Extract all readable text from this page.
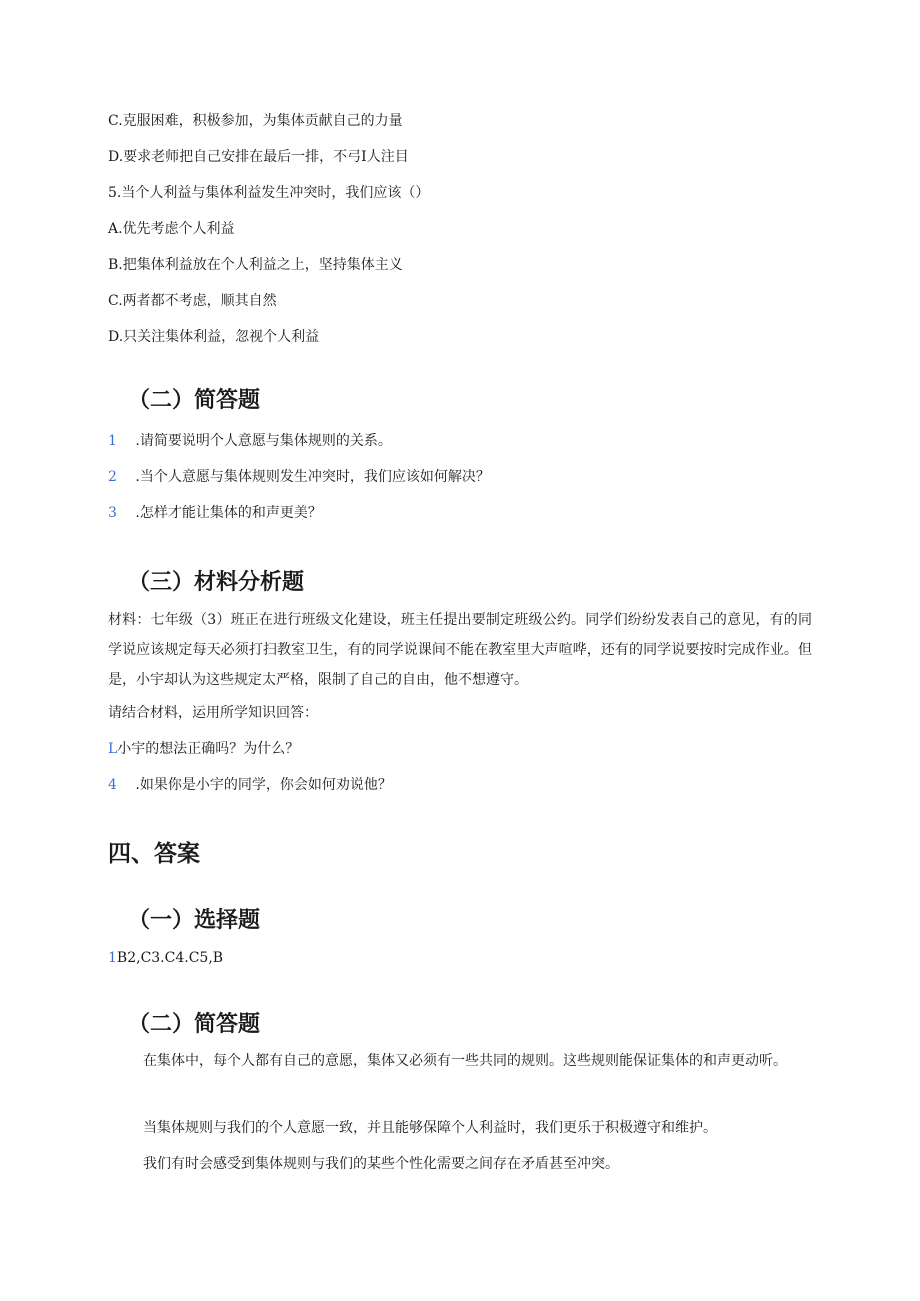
C.克服困难，积极参加，为集体贡献自己的力量
D.要求老师把自己安排在最后一排，不弓I人注目
5.当个人利益与集体利益发生冲突时，我们应该（）
A.优先考虑个人利益
B.把集体利益放在个人利益之上，坚持集体主义
C.两者都不考虑，顺其自然
D.只关注集体利益，忽视个人利益
（二）简答题
1 .请简要说明个人意愿与集体规则的关系。
2 .当个人意愿与集体规则发生冲突时，我们应该如何解决？
3 .怎样才能让集体的和声更美？
（三）材料分析题
材料：七年级（3）班正在进行班级文化建设，班主任提出要制定班级公约。同学们纷纷发表自己的意见，有的同学说应该规定每天必须打扫教室卫生，有的同学说课间不能在教室里大声喧哗，还有的同学说要按时完成作业。但是，小宇却认为这些规定太严格，限制了自己的自由，他不想遵守。
请结合材料，运用所学知识回答：
L小宇的想法正确吗？为什么？
4 .如果你是小宇的同学，你会如何劝说他？
四、答案
（一）选择题
1B2,C3.C4.C5,B
（二）简答题
在集体中，每个人都有自己的意愿，集体又必须有一些共同的规则。这些规则能保证集体的和声更动听。
当集体规则与我们的个人意愿一致，并且能够保障个人利益时，我们更乐于积极遵守和维护。
我们有时会感受到集体规则与我们的某些个性化需要之间存在矛盾甚至冲突。
